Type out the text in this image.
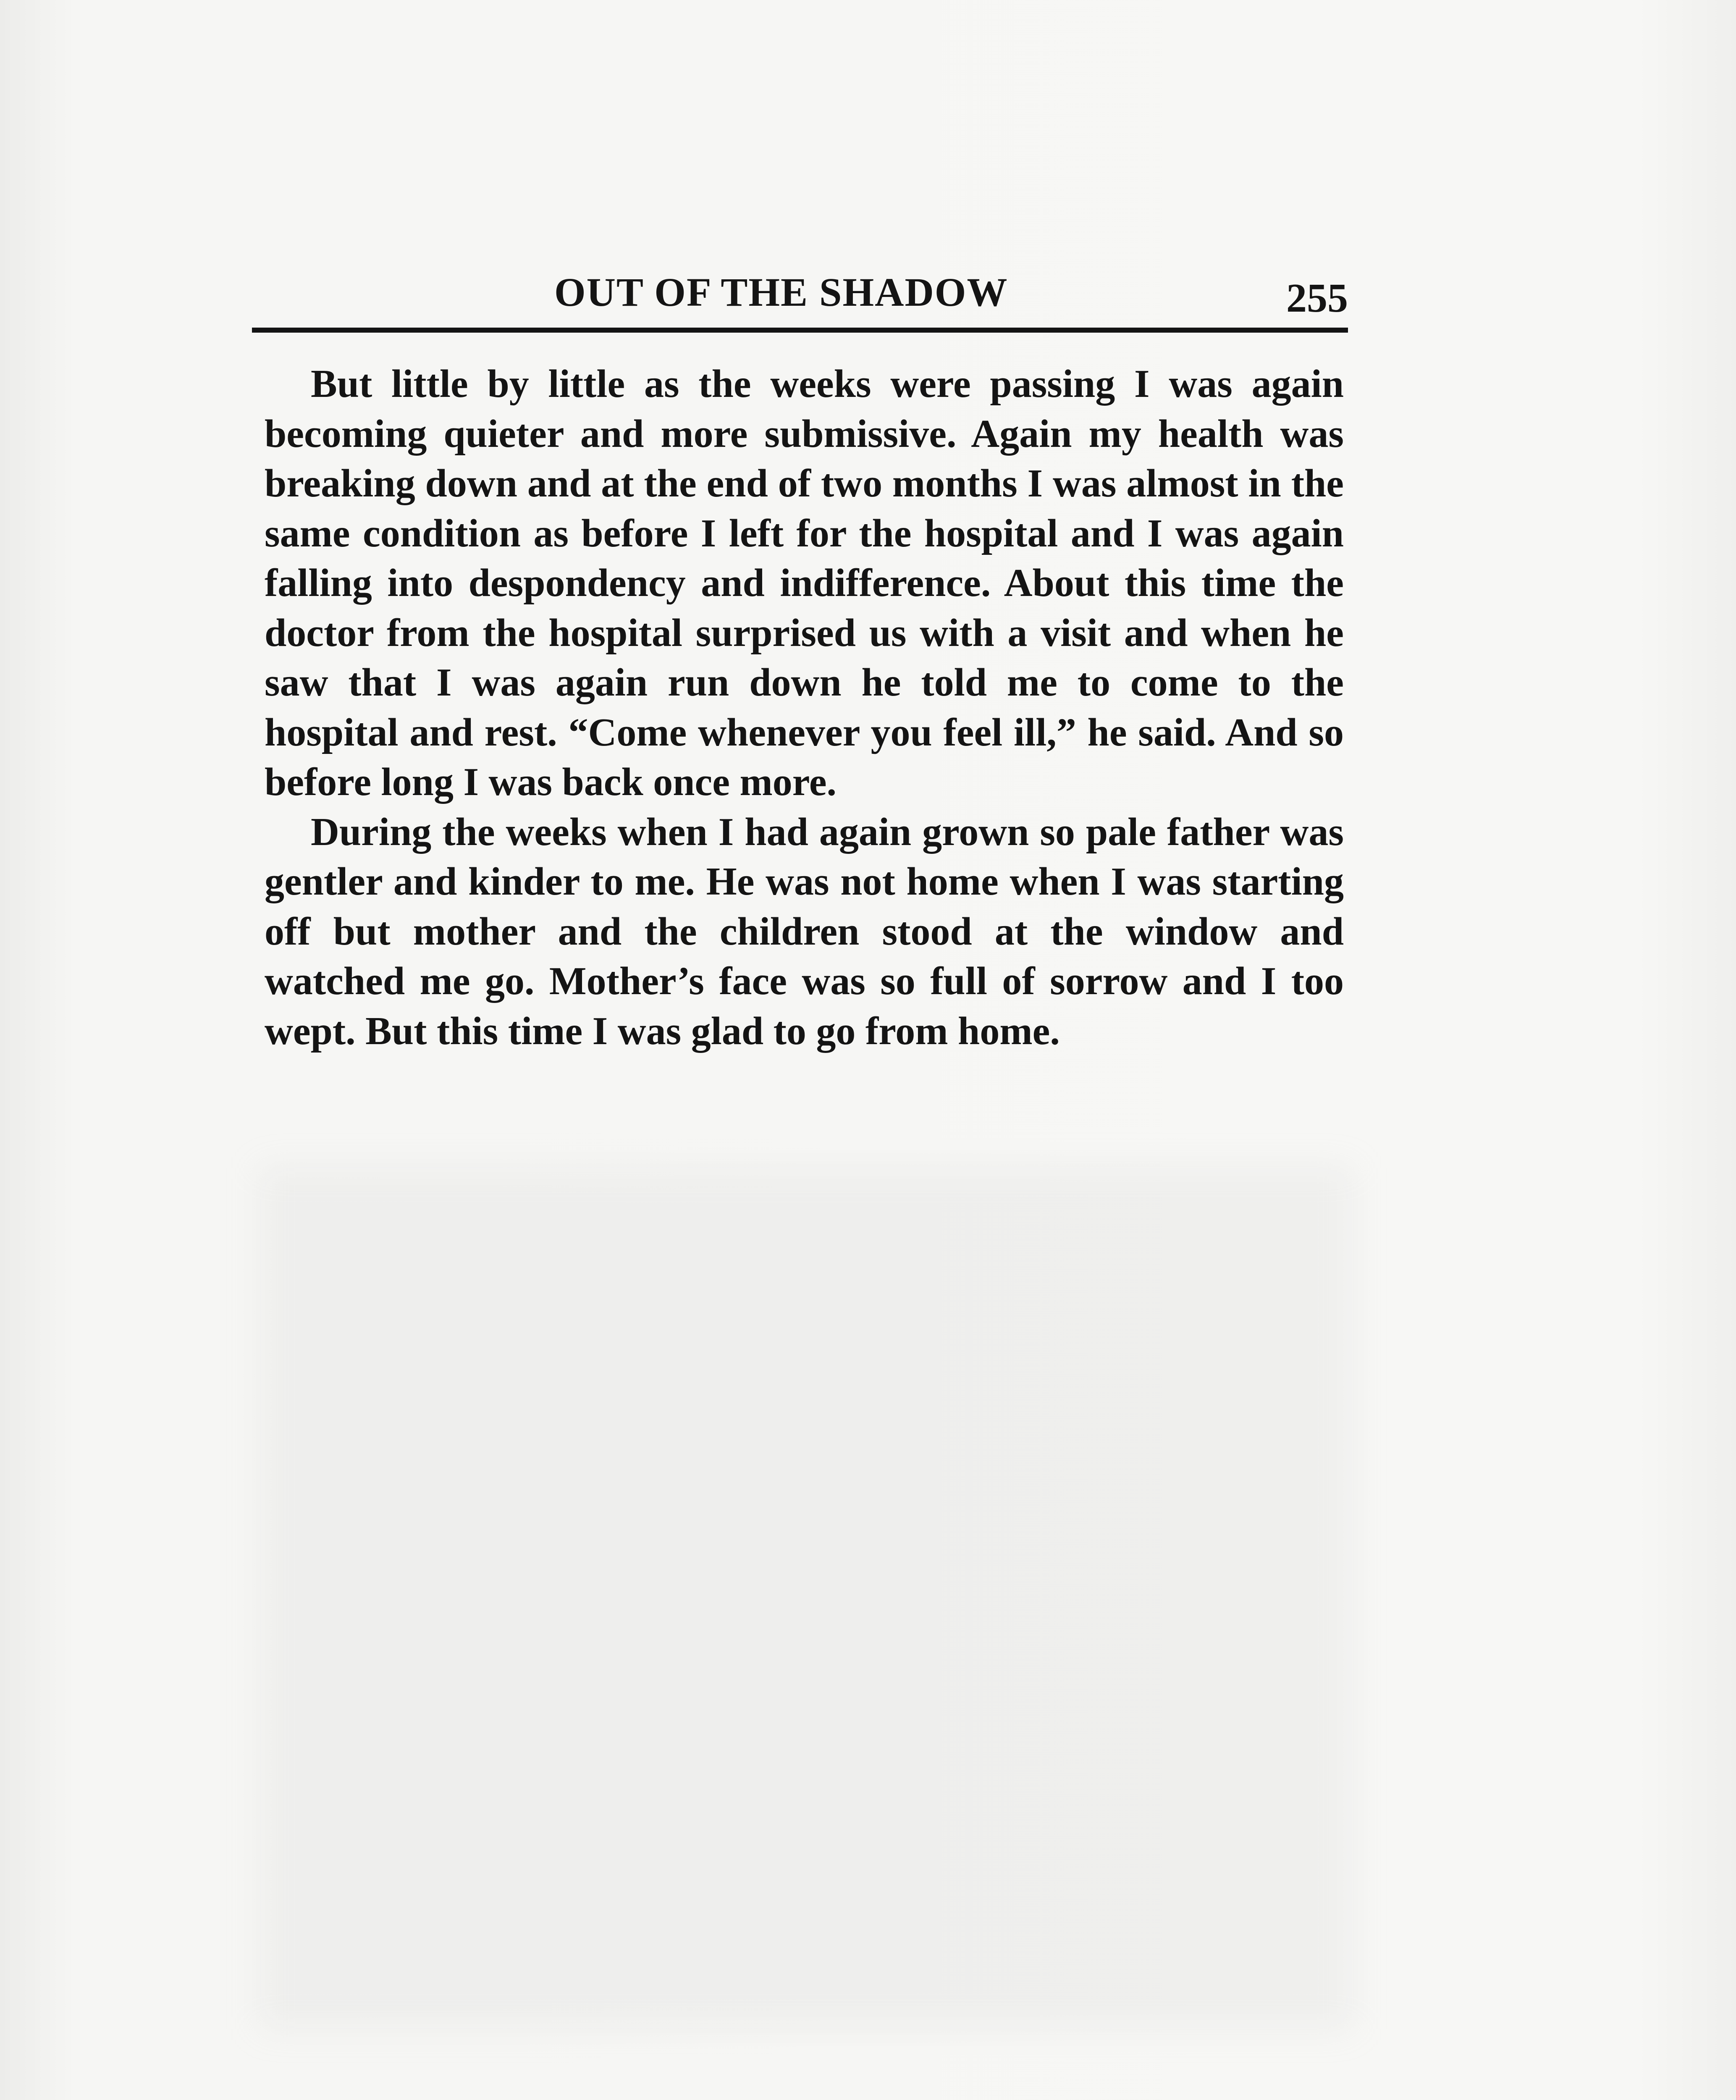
OUT OF THE SHADOW	255

But little by little as the weeks were passing I was again becoming quieter and more submissive. Again my health was breaking down and at the end of two months I was almost in the same condition as before I left for the hospital and I was again falling into despondency and indifference. About this time the doctor from the hospital surprised us with a visit and when he saw that I was again run down he told me to come to the hospital and rest. “Come whenever you feel ill,” he said. And so before long I was back once more.

During the weeks when I had again grown so pale father was gentler and kinder to me. He was not home when I was starting off but mother and the children stood at the window and watched me go. Mother’s face was so full of sorrow and I too wept. But this time I was glad to go from home.
